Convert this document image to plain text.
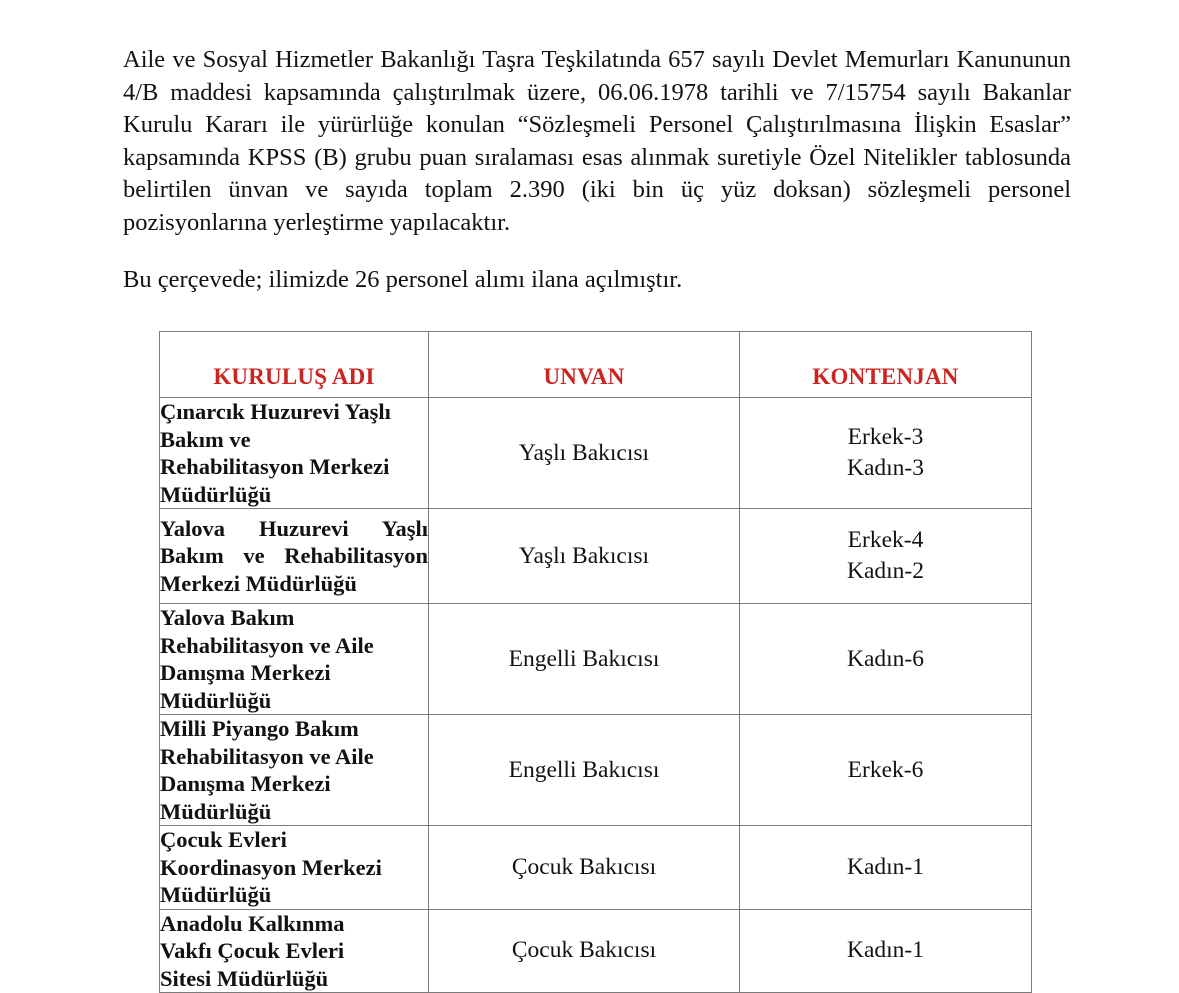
Aile ve Sosyal Hizmetler Bakanlığı Taşra Teşkilatında 657 sayılı Devlet Memurları Kanununun 4/B maddesi kapsamında çalıştırılmak üzere, 06.06.1978 tarihli ve 7/15754 sayılı Bakanlar Kurulu Kararı ile yürürlüğe konulan “Sözleşmeli Personel Çalıştırılmasına İlişkin Esaslar” kapsamında KPSS (B) grubu puan sıralaması esas alınmak suretiyle Özel Nitelikler tablosunda belirtilen ünvan ve sayıda toplam 2.390 (iki bin üç yüz doksan) sözleşmeli personel pozisyonlarına yerleştirme yapılacaktır.

Bu çerçevede; ilimizde 26 personel alımı ilana açılmıştır.

KURULUŞ ADI	UNVAN	KONTENJAN

Çınarcık Huzurevi Yaşlı
Bakım ve
Rehabilitasyon Merkezi
Müdürlüğü	Yaşlı Bakıcısı	Erkek-3
Kadın-3

Yalova Huzurevi Yaşlı
Bakım ve Rehabilitasyon
Merkezi Müdürlüğü	Yaşlı Bakıcısı	Erkek-4
Kadın-2

Yalova Bakım
Rehabilitasyon ve Aile
Danışma Merkezi
Müdürlüğü	Engelli Bakıcısı	Kadın-6

Milli Piyango Bakım
Rehabilitasyon ve Aile
Danışma Merkezi
Müdürlüğü	Engelli Bakıcısı	Erkek-6

Çocuk Evleri
Koordinasyon Merkezi
Müdürlüğü	Çocuk Bakıcısı	Kadın-1

Anadolu Kalkınma
Vakfı Çocuk Evleri
Sitesi Müdürlüğü	Çocuk Bakıcısı	Kadın-1
